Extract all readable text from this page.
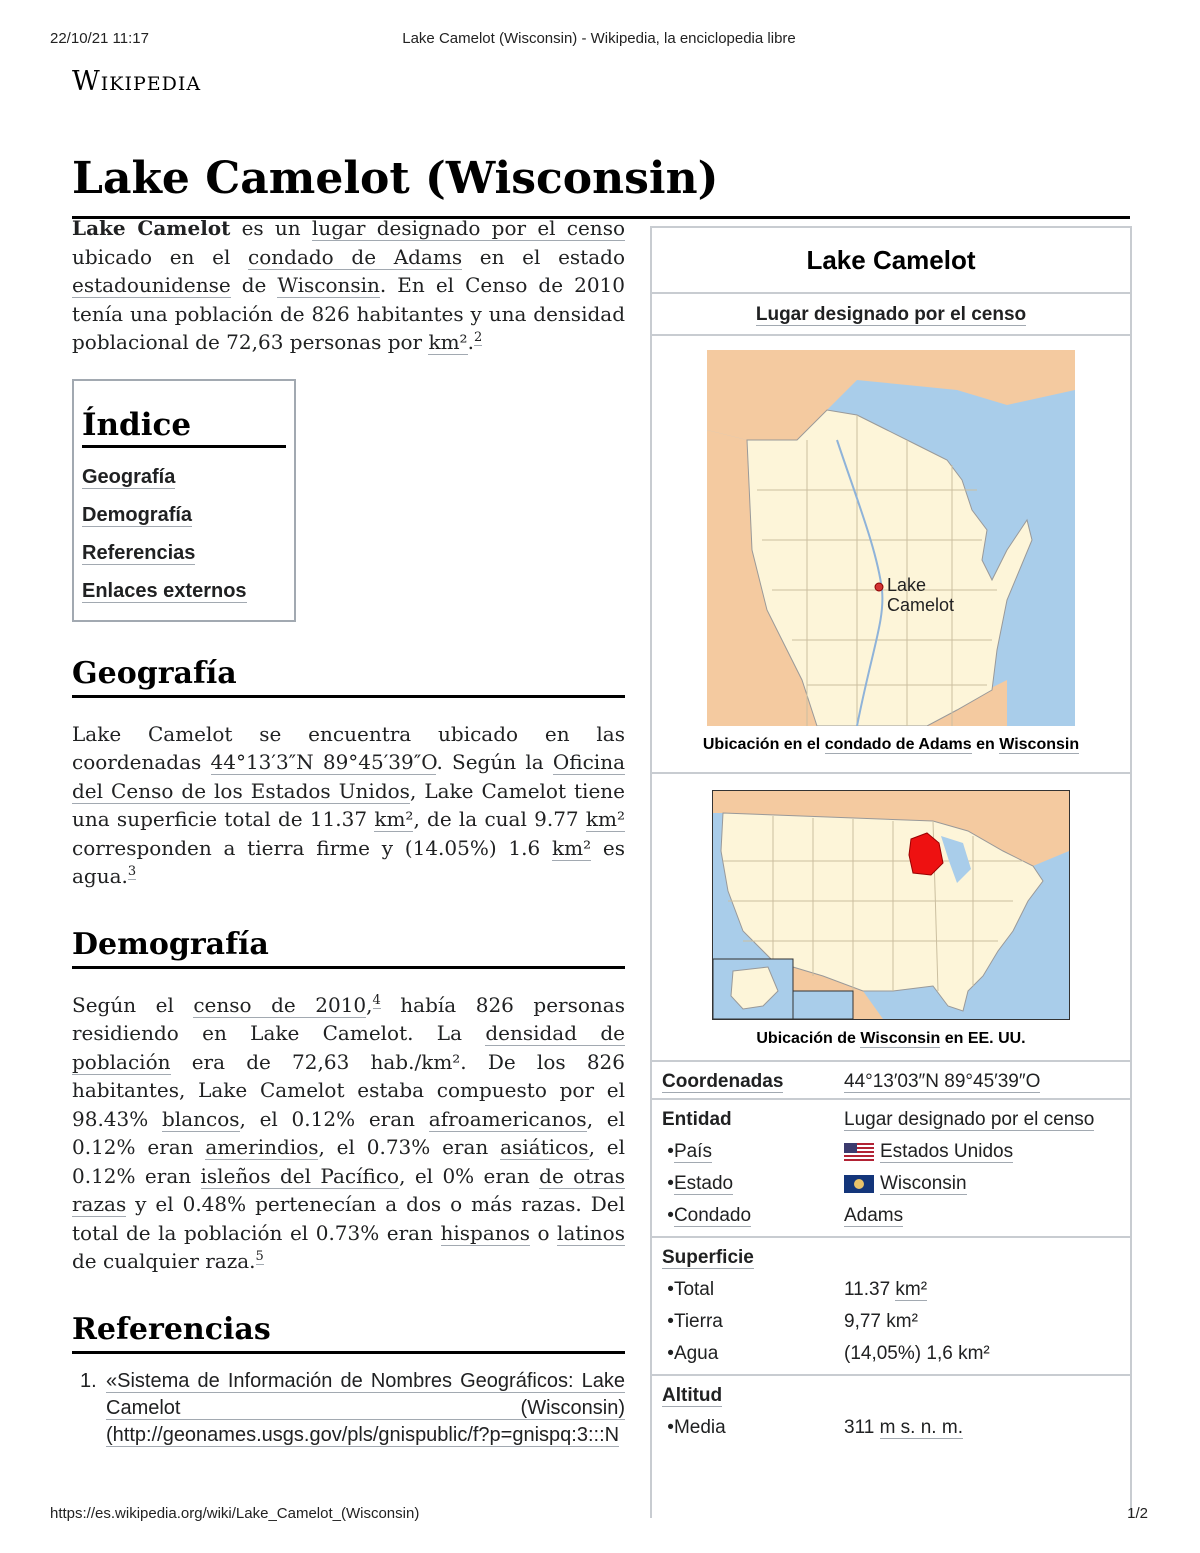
22/10/21 11:17	Lake Camelot (Wisconsin) - Wikipedia, la enciclopedia libre
Wikipedia
Lake Camelot (Wisconsin)

Lake Camelot es un lugar designado por el censo ubicado en el condado de Adams en el estado estadounidense de Wisconsin. En el Censo de 2010 tenía una población de 826 habitantes y una densidad poblacional de 72,63 personas por km².$^2$

Índice
Geografía
Demografía
Referencias
Enlaces externos
Geografía

Lake Camelot se encuentra ubicado en las coordenadas 44°13′3″N 89°45′39″O. Según la Oficina del Censo de los Estados Unidos, Lake Camelot tiene una superficie total de 11.37 km², de la cual 9.77 km² corresponden a tierra firme y (14.05%) 1.6 km² es agua.$^3$

Demografía

Según el censo de 2010,$^4$ había 826 personas residiendo en Lake Camelot. La densidad de población era de 72,63 hab./km². De los 826 habitantes, Lake Camelot estaba compuesto por el 98.43% blancos, el 0.12% eran afroamericanos, el 0.12% eran amerindios, el 0.73% eran asiáticos, el 0.12% eran isleños del Pacífico, el 0% eran de otras razas y el 0.48% pertenecían a dos o más razas. Del total de la población el 0.73% eran hispanos o latinos de cualquier raza.$^5$

Referencias
1. «Sistema de Información de Nombres Geográficos: Lake Camelot (Wisconsin) (http://geonames.usgs.gov/pls/gnispublic/f?p=gnispq:3:::N
Lake Camelot
Lugar designado por el censo
Lake
Camelot
Ubicación en el condado de Adams en Wisconsin
Ubicación de Wisconsin en EE. UU.
Coordenadas	44°13′03″N 89°45′39″O
Entidad	Lugar designado por el censo
•País	Estados Unidos
•Estado	Wisconsin
•Condado	Adams
Superficie	
•Total	11.37 km²
•Tierra	9,77 km²
•Agua	(14,05%) 1,6 km²
Altitud	
•Media	311 m s. n. m.
https://es.wikipedia.org/wiki/Lake_Camelot_(Wisconsin)	1/2
